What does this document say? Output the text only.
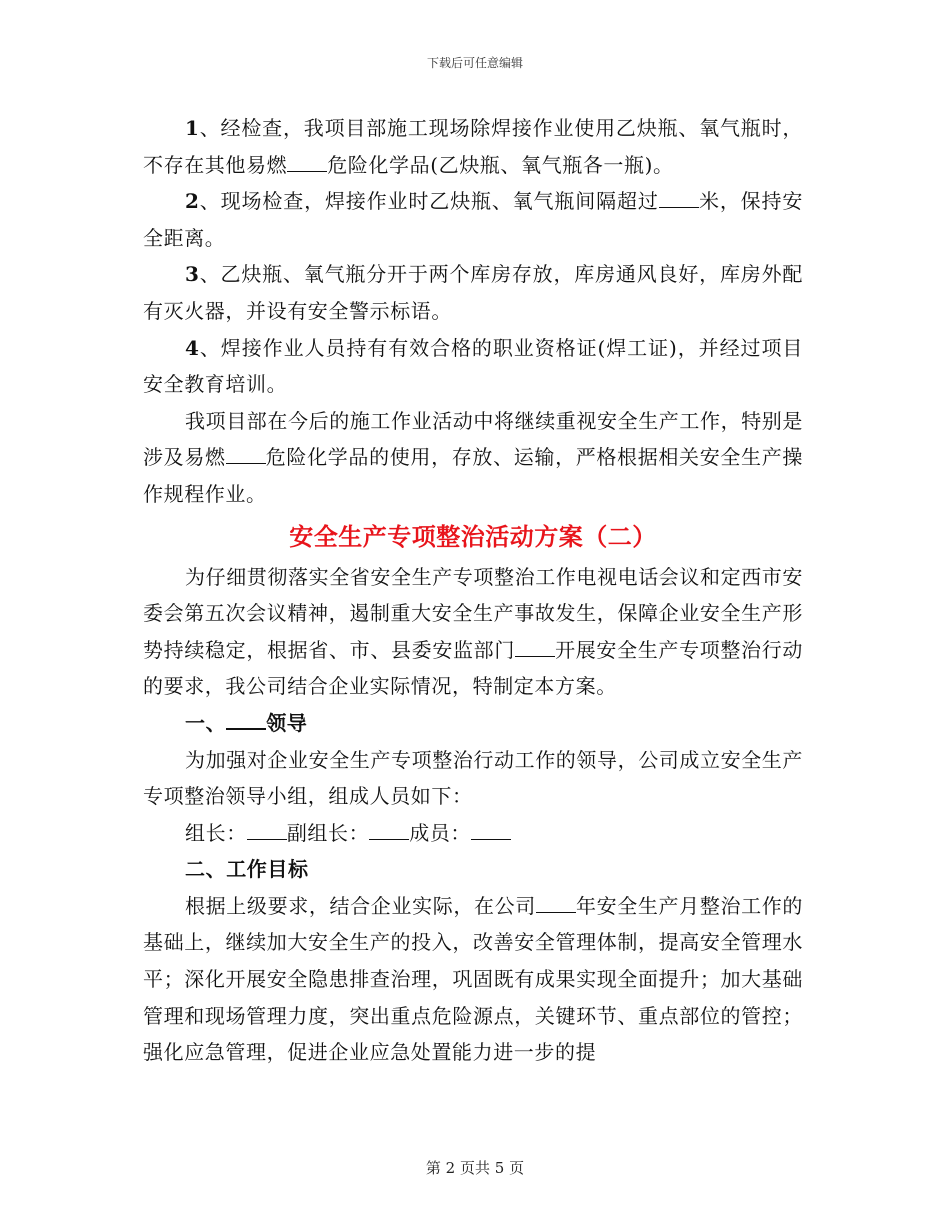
下载后可任意编辑

1、经检查，我项目部施工现场除焊接作业使用乙炔瓶、氧气瓶时，不存在其他易燃 危险化学品(乙炔瓶、氧气瓶各一瓶)。

2、现场检查，焊接作业时乙炔瓶、氧气瓶间隔超过 米，保持安全距离。

3、乙炔瓶、氧气瓶分开于两个库房存放，库房通风良好，库房外配有灭火器，并设有安全警示标语。

4、焊接作业人员持有有效合格的职业资格证(焊工证)，并经过项目安全教育培训。

我项目部在今后的施工作业活动中将继续重视安全生产工作，特别是涉及易燃 危险化学品的使用，存放、运输，严格根据相关安全生产操作规程作业。

安全生产专项整治活动方案（二）

为仔细贯彻落实全省安全生产专项整治工作电视电话会议和定西市安委会第五次会议精神，遏制重大安全生产事故发生，保障企业安全生产形势持续稳定，根据省、市、县委安监部门 开展安全生产专项整治行动的要求，我公司结合企业实际情况，特制定本方案。

一、 领导

为加强对企业安全生产专项整治行动工作的领导，公司成立安全生产专项整治领导小组，组成人员如下：

组长： 副组长： 成员：

二、工作目标

根据上级要求，结合企业实际，在公司 年安全生产月整治工作的基础上，继续加大安全生产的投入，改善安全管理体制，提高安全管理水平；深化开展安全隐患排查治理，巩固既有成果实现全面提升；加大基础管理和现场管理力度，突出重点危险源点，关键环节、重点部位的管控；强化应急管理，促进企业应急处置能力进一步的提

第 2 页共 5 页
